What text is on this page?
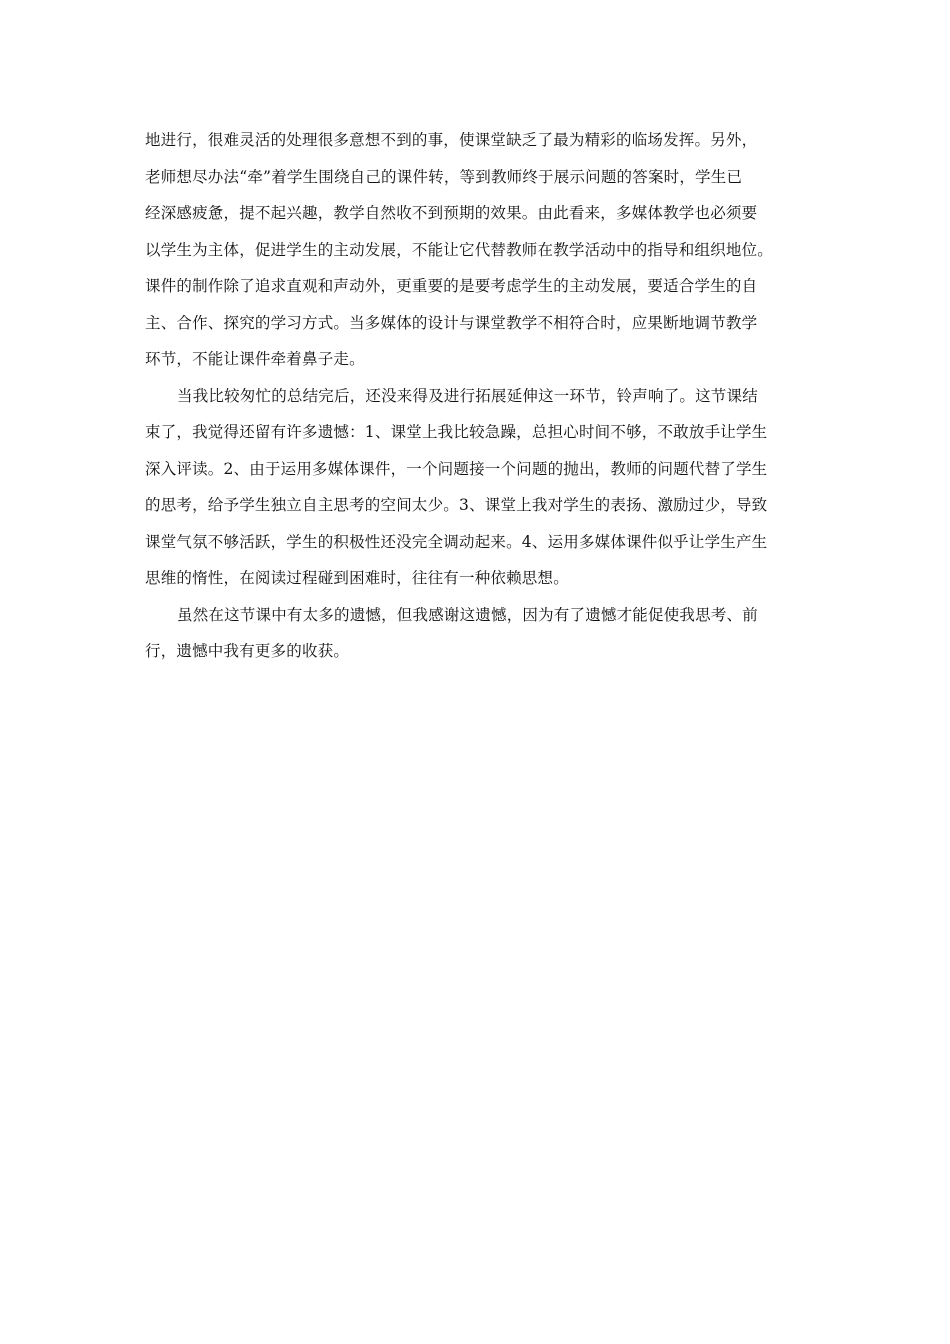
地进行，很难灵活的处理很多意想不到的事，使课堂缺乏了最为精彩的临场发挥。另外，
老师想尽办法“牵”着学生围绕自己的课件转，等到教师终于展示问题的答案时，学生已
经深感疲惫，提不起兴趣，教学自然收不到预期的效果。由此看来，多媒体教学也必须要
以学生为主体，促进学生的主动发展，不能让它代替教师在教学活动中的指导和组织地位。
课件的制作除了追求直观和声动外，更重要的是要考虑学生的主动发展，要适合学生的自
主、合作、探究的学习方式。当多媒体的设计与课堂教学不相符合时，应果断地调节教学
环节，不能让课件牵着鼻子走。
当我比较匆忙的总结完后，还没来得及进行拓展延伸这一环节，铃声响了。这节课结
束了，我觉得还留有许多遗憾：1、课堂上我比较急躁，总担心时间不够，不敢放手让学生
深入评读。2、由于运用多媒体课件，一个问题接一个问题的抛出，教师的问题代替了学生
的思考，给予学生独立自主思考的空间太少。3、课堂上我对学生的表扬、激励过少，导致
课堂气氛不够活跃，学生的积极性还没完全调动起来。4、运用多媒体课件似乎让学生产生
思维的惰性，在阅读过程碰到困难时，往往有一种依赖思想。
虽然在这节课中有太多的遗憾，但我感谢这遗憾，因为有了遗憾才能促使我思考、前
行，遗憾中我有更多的收获。
